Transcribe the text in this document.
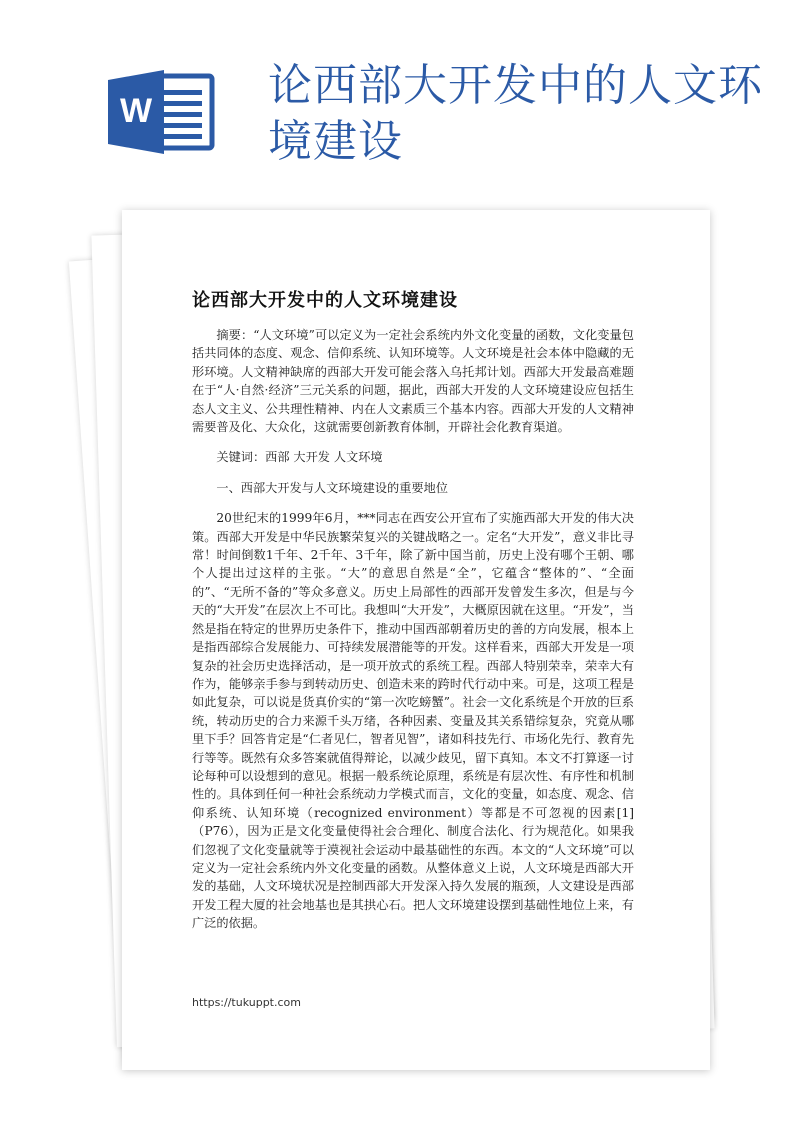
W	论西部大开发中的人文环境建设
论西部大开发中的人文环境建设

摘要：“人文环境”可以定义为一定社会系统内外文化变量的函数，文化变量包括共同体的态度、观念、信仰系统、认知环境等。人文环境是社会本体中隐藏的无形环境。人文精神缺席的西部大开发可能会落入乌托邦计划。西部大开发最高难题在于“人·自然·经济”三元关系的问题，据此，西部大开发的人文环境建设应包括生态人文主义、公共理性精神、内在人文素质三个基本内容。西部大开发的人文精神需要普及化、大众化，这就需要创新教育体制，开辟社会化教育渠道。

关键词：西部 大开发 人文环境

一、西部大开发与人文环境建设的重要地位

20世纪末的1999年6月，***同志在西安公开宣布了实施西部大开发的伟大决策。西部大开发是中华民族繁荣复兴的关键战略之一。定名“大开发”，意义非比寻常！时间倒数1千年、2千年、3千年，除了新中国当前，历史上没有哪个王朝、哪个人提出过这样的主张。“大”的意思自然是“全”，它蕴含“整体的”、“全面的”、“无所不备的”等众多意义。历史上局部性的西部开发曾发生多次，但是与今天的“大开发”在层次上不可比。我想叫“大开发”，大概原因就在这里。“开发”，当然是指在特定的世界历史条件下，推动中国西部朝着历史的善的方向发展，根本上是指西部综合发展能力、可持续发展潜能等的开发。这样看来，西部大开发是一项复杂的社会历史选择活动，是一项开放式的系统工程。西部人特别荣幸，荣幸大有作为，能够亲手参与到转动历史、创造未来的跨时代行动中来。可是，这项工程是如此复杂，可以说是货真价实的“第一次吃螃蟹”。社会一文化系统是个开放的巨系统，转动历史的合力来源千头万绪，各种因素、变量及其关系错综复杂，究竟从哪里下手？回答肯定是“仁者见仁，智者见智”，诸如科技先行、市场化先行、教育先行等等。既然有众多答案就值得辩论，以减少歧见，留下真知。本文不打算逐一讨论每种可以设想到的意见。根据一般系统论原理，系统是有层次性、有序性和机制性的。具体到任何一种社会系统动力学模式而言，文化的变量，如态度、观念、信仰系统、认知环境（recognized environment）等都是不可忽视的因素[1]（P76），因为正是文化变量使得社会合理化、制度合法化、行为规范化。如果我们忽视了文化变量就等于漠视社会运动中最基础性的东西。本文的“人文环境”可以定义为一定社会系统内外文化变量的函数。从整体意义上说，人文环境是西部大开发的基础，人文环境状况是控制西部大开发深入持久发展的瓶颈，人文建设是西部开发工程大厦的社会地基也是其拱心石。把人文环境建设摆到基础性地位上来，有广泛的依据。

https://tukuppt.com
